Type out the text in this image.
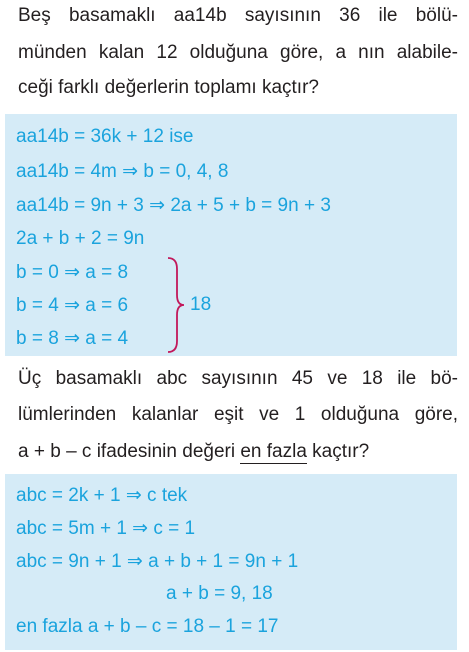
Beş basamaklı aa14b sayısının 36 ile bölü-
münden kalan 12 olduğuna göre, a nın alabile-
ceği farklı değerlerin toplamı kaçtır?
aa14b = 36k + 12 ise
aa14b = 4m ⇒ b = 0, 4, 8
aa14b = 9n + 3 ⇒ 2a + 5 + b = 9n + 3
2a + b + 2 = 9n
b = 0 ⇒ a = 8
b = 4 ⇒ a = 6
b = 8 ⇒ a = 4
18
Üç basamaklı abc sayısının 45 ve 18 ile bö-
lümlerinden kalanlar eşit ve 1 olduğuna göre,
a + b – c ifadesinin değeri en fazla kaçtır?
abc = 2k + 1 ⇒ c tek
abc = 5m + 1 ⇒ c = 1
abc = 9n + 1 ⇒ a + b + 1 = 9n + 1
a + b = 9, 18
en fazla a + b – c = 18 – 1 = 17
